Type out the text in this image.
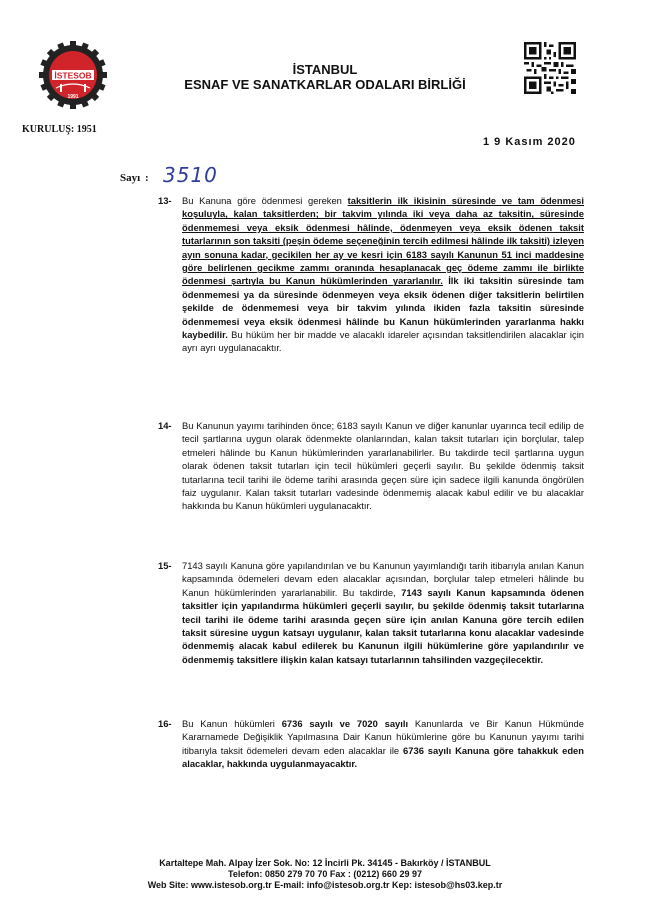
İSTESOB
1991
KURULUŞ: 1951
İSTANBUL
ESNAF VE SANATKARLAR ODALARI BİRLİĞİ
1 9 Kasım 2020
Sayı : 3510
13- Bu Kanuna göre ödenmesi gereken taksitlerin ilk ikisinin süresinde ve tam ödenmesi koşuluyla, kalan taksitlerden; bir takvim yılında iki veya daha az taksitin, süresinde ödenmemesi veya eksik ödenmesi hâlinde, ödenmeyen veya eksik ödenen taksit tutarlarının son taksiti (peşin ödeme seçeneğinin tercih edilmesi hâlinde ilk taksiti) izleyen ayın sonuna kadar, gecikilen her ay ve kesri için 6183 sayılı Kanunun 51 inci maddesine göre belirlenen gecikme zammı oranında hesaplanacak geç ödeme zammı ile birlikte ödenmesi şartıyla bu Kanun hükümlerinden yararlanılır. İlk iki taksitin süresinde tam ödenmemesi ya da süresinde ödenmeyen veya eksik ödenen diğer taksitlerin belirtilen şekilde de ödenmemesi veya bir takvim yılında ikiden fazla taksitin süresinde ödenmemesi veya eksik ödenmesi hâlinde bu Kanun hükümlerinden yararlanma hakkı kaybedilir. Bu hüküm her bir madde ve alacaklı idareler açısından taksitlendirilen alacaklar için ayrı ayrı uygulanacaktır.
14- Bu Kanunun yayımı tarihinden önce; 6183 sayılı Kanun ve diğer kanunlar uyarınca tecil edilip de tecil şartlarına uygun olarak ödenmekte olanlarından, kalan taksit tutarları için borçlular, talep etmeleri hâlinde bu Kanun hükümlerinden yararlanabilirler. Bu takdirde tecil şartlarına uygun olarak ödenen taksit tutarları için tecil hükümleri geçerli sayılır. Bu şekilde ödenmiş taksit tutarlarına tecil tarihi ile ödeme tarihi arasında geçen süre için sadece ilgili kanunda öngörülen faiz uygulanır. Kalan taksit tutarları vadesinde ödenmemiş alacak kabul edilir ve bu alacaklar hakkında bu Kanun hükümleri uygulanacaktır.
15- 7143 sayılı Kanuna göre yapılandırılan ve bu Kanunun yayımlandığı tarih itibarıyla anılan Kanun kapsamında ödemeleri devam eden alacaklar açısından, borçlular talep etmeleri hâlinde bu Kanun hükümlerinden yararlanabilir. Bu takdirde, 7143 sayılı Kanun kapsamında ödenen taksitler için yapılandırma hükümleri geçerli sayılır, bu şekilde ödenmiş taksit tutarlarına tecil tarihi ile ödeme tarihi arasında geçen süre için anılan Kanuna göre tercih edilen taksit süresine uygun katsayı uygulanır, kalan taksit tutarlarına konu alacaklar vadesinde ödenmemiş alacak kabul edilerek bu Kanunun ilgili hükümlerine göre yapılandırılır ve ödenmemiş taksitlere ilişkin kalan katsayı tutarlarının tahsilinden vazgeçilecektir.
16- Bu Kanun hükümleri 6736 sayılı ve 7020 sayılı Kanunlarda ve Bir Kanun Hükmünde Kararnamede Değişiklik Yapılmasına Dair Kanun hükümlerine göre bu Kanunun yayımı tarihi itibarıyla taksit ödemeleri devam eden alacaklar ile 6736 sayılı Kanuna göre tahakkuk eden alacaklar, hakkında uygulanmayacaktır.
Kartaltepe Mah. Alpay İzer Sok. No: 12 İncirli Pk. 34145 - Bakırköy / İSTANBUL
Telefon: 0850 279 70 70 Fax : (0212) 660 29 97
Web Site: www.istesob.org.tr E-mail: info@istesob.org.tr Kep: istesob@hs03.kep.tr
